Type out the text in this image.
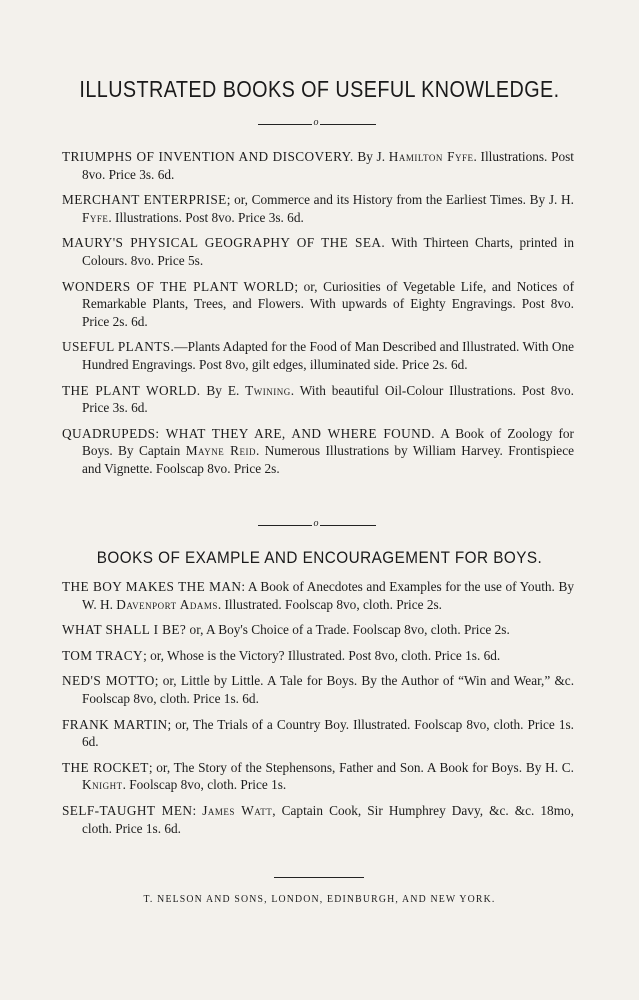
ILLUSTRATED BOOKS OF USEFUL KNOWLEDGE.
o
TRIUMPHS OF INVENTION AND DISCOVERY. By J. Hamilton Fyfe. Illustrations. Post 8vo. Price 3s. 6d.
MERCHANT ENTERPRISE; or, Commerce and its History from the Earliest Times. By J. H. Fyfe. Illustrations. Post 8vo. Price 3s. 6d.
MAURY'S PHYSICAL GEOGRAPHY OF THE SEA. With Thirteen Charts, printed in Colours. 8vo. Price 5s.
WONDERS OF THE PLANT WORLD; or, Curiosities of Vegetable Life, and Notices of Remarkable Plants, Trees, and Flowers. With upwards of Eighty Engravings. Post 8vo. Price 2s. 6d.
USEFUL PLANTS.—Plants Adapted for the Food of Man Described and Illustrated. With One Hundred Engravings. Post 8vo, gilt edges, illuminated side. Price 2s. 6d.
THE PLANT WORLD. By E. Twining. With beautiful Oil-Colour Illustrations. Post 8vo. Price 3s. 6d.
QUADRUPEDS: WHAT THEY ARE, AND WHERE FOUND. A Book of Zoology for Boys. By Captain Mayne Reid. Numerous Illustrations by William Harvey. Frontispiece and Vignette. Foolscap 8vo. Price 2s.
o
BOOKS OF EXAMPLE AND ENCOURAGEMENT FOR BOYS.
THE BOY MAKES THE MAN: A Book of Anecdotes and Examples for the use of Youth. By W. H. Davenport Adams. Illustrated. Foolscap 8vo, cloth. Price 2s.
WHAT SHALL I BE? or, A Boy's Choice of a Trade. Foolscap 8vo, cloth. Price 2s.
TOM TRACY; or, Whose is the Victory? Illustrated. Post 8vo, cloth. Price 1s. 6d.
NED'S MOTTO; or, Little by Little. A Tale for Boys. By the Author of “Win and Wear,” &c. Foolscap 8vo, cloth. Price 1s. 6d.
FRANK MARTIN; or, The Trials of a Country Boy. Illustrated. Foolscap 8vo, cloth. Price 1s. 6d.
THE ROCKET; or, The Story of the Stephensons, Father and Son. A Book for Boys. By H. C. Knight. Foolscap 8vo, cloth. Price 1s.
SELF-TAUGHT MEN: James Watt, Captain Cook, Sir Humphrey Davy, &c. &c. 18mo, cloth. Price 1s. 6d.
T. NELSON AND SONS, LONDON, EDINBURGH, AND NEW YORK.
